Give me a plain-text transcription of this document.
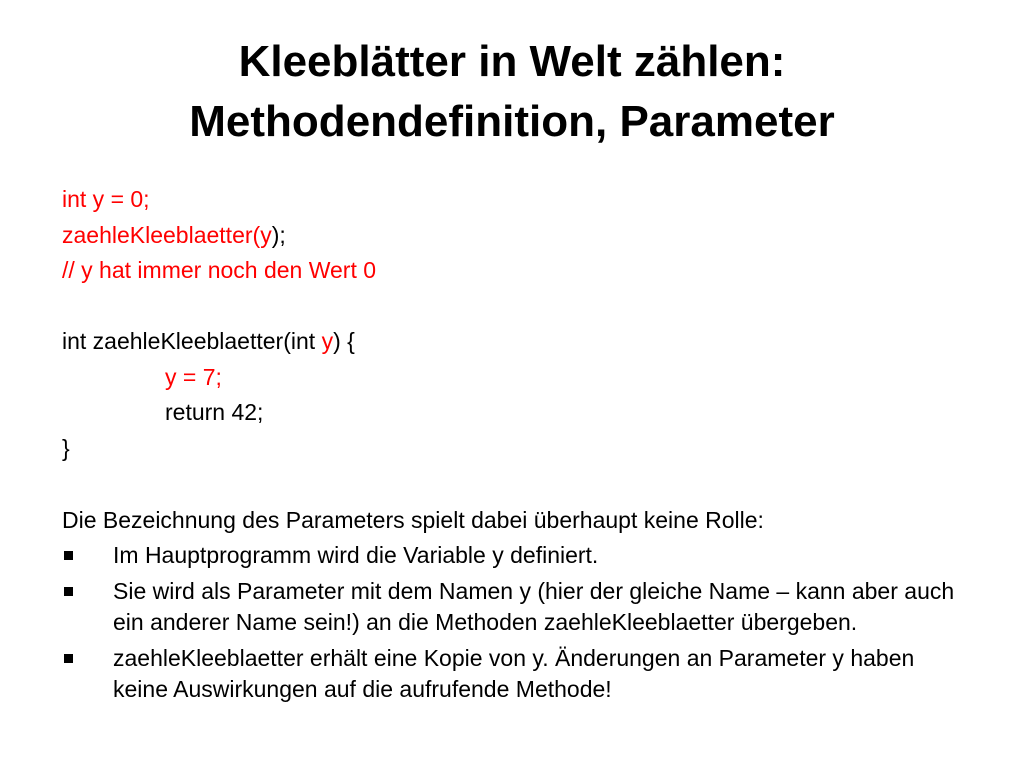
Kleeblätter in Welt zählen:
Methodendefinition, Parameter
int y = 0;
zaehleKleeblaetter(y);
// y hat immer noch den Wert 0
int zaehleKleeblaetter(int y) {
y = 7;
return 42;
}
Die Bezeichnung des Parameters spielt dabei überhaupt keine Rolle:
Im Hauptprogramm wird die Variable y definiert.
Sie wird als Parameter mit dem Namen y (hier der gleiche Name – kann aber auch ein anderer Name sein!) an die Methoden zaehleKleeblaetter übergeben.
zaehleKleeblaetter erhält eine Kopie von y. Änderungen an Parameter y haben keine Auswirkungen auf die aufrufende Methode!
